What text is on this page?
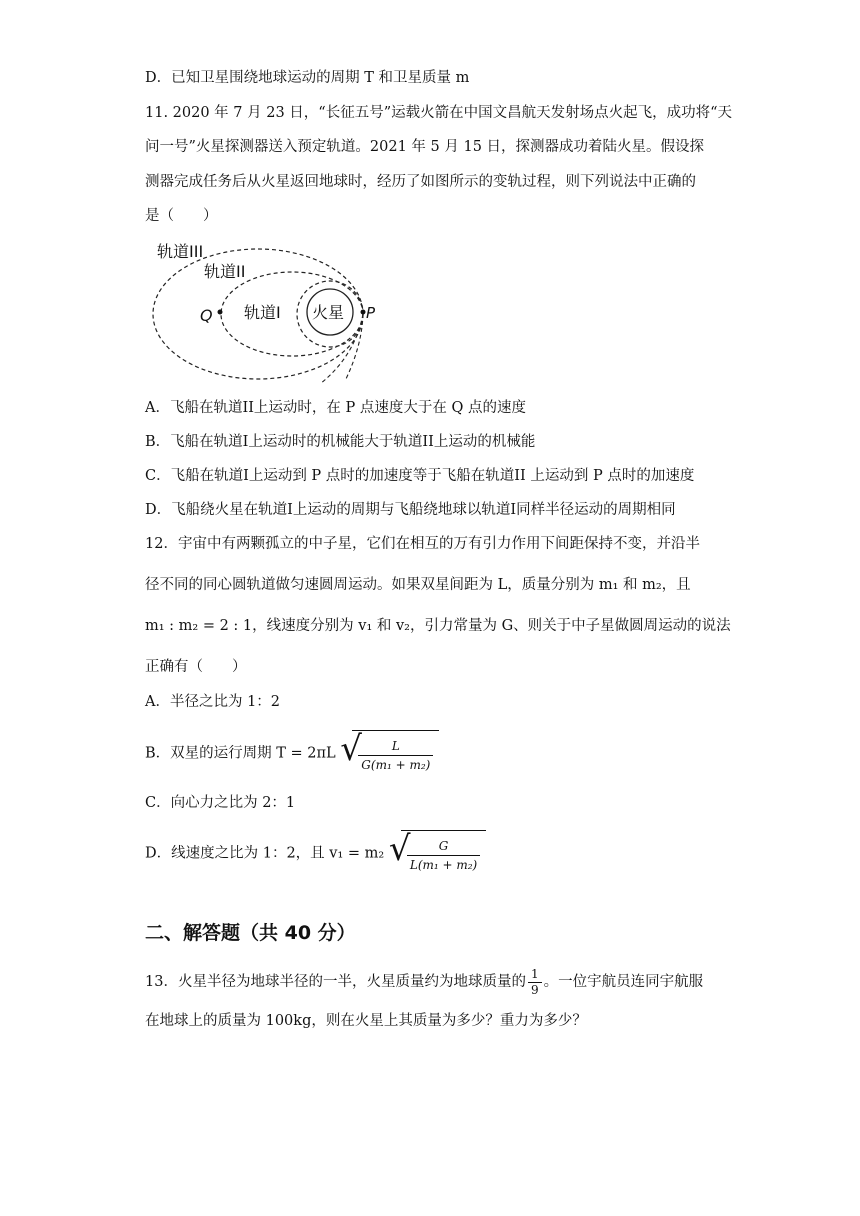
D．已知卫星围绕地球运动的周期 T 和卫星质量 m
11. 2020 年 7 月 23 日，“长征五号”运载火箭在中国文昌航天发射场点火起飞，成功将“天
问一号”火星探测器送入预定轨道。2021 年 5 月 15 日，探测器成功着陆火星。假设探
测器完成任务后从火星返回地球时，经历了如图所示的变轨过程，则下列说法中正确的
是（　　）
轨道III
轨道II
轨道I 火星
Q	P
A．飞船在轨道II上运动时，在 P 点速度大于在 Q 点的速度
B．飞船在轨道I上运动时的机械能大于轨道II上运动的机械能
C．飞船在轨道I上运动到 P 点时的加速度等于飞船在轨道II 上运动到 P 点时的加速度
D．飞船绕火星在轨道I上运动的周期与飞船绕地球以轨道I同样半径运动的周期相同
12．宇宙中有两颗孤立的中子星，它们在相互的万有引力作用下间距保持不变，并沿半
径不同的同心圆轨道做匀速圆周运动。如果双星间距为 L，质量分别为 m₁ 和 m₂，且
m₁ : m₂ = 2 : 1，线速度分别为 v₁ 和 v₂，引力常量为 G、则关于中子星做圆周运动的说法
正确有（　　）
A．半径之比为 1：2
B．双星的运行周期 T = 2πL √
$\frac{L}{\text{G(m₁ + m₂)}}$
C．向心力之比为 2：1
D．线速度之比为 1：2，且 v₁ = m₂ √
$\frac{G}{\text{L(m₁ + m₂)}}$
二、解答题（共 40 分）
13．火星半径为地球半径的一半，火星质量约为地球质量的 $\frac{1}{9}$ 。一位宇航员连同宇航服
在地球上的质量为 100kg，则在火星上其质量为多少？重力为多少？
